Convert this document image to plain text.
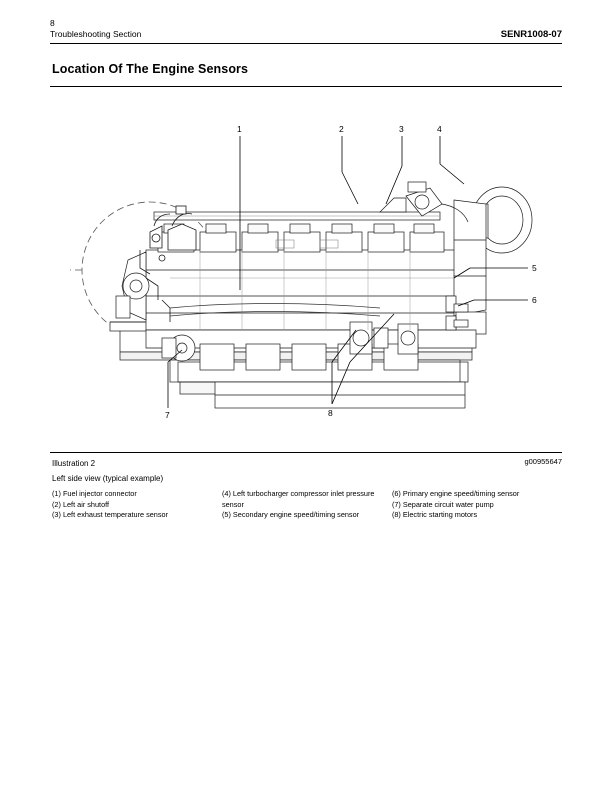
8
Troubleshooting Section	SENR1008-07
Location Of The Engine Sensors
1	2	3	4
5
6
7	8
Illustration 2	g00955647
Left side view (typical example)
(1) Fuel injector connector
(2) Left air shutoff
(3) Left exhaust temperature sensor
(4) Left turbocharger compressor inlet pressure sensor
(5) Secondary engine speed/timing sensor
(6) Primary engine speed/timing sensor
(7) Separate circuit water pump
(8) Electric starting motors
